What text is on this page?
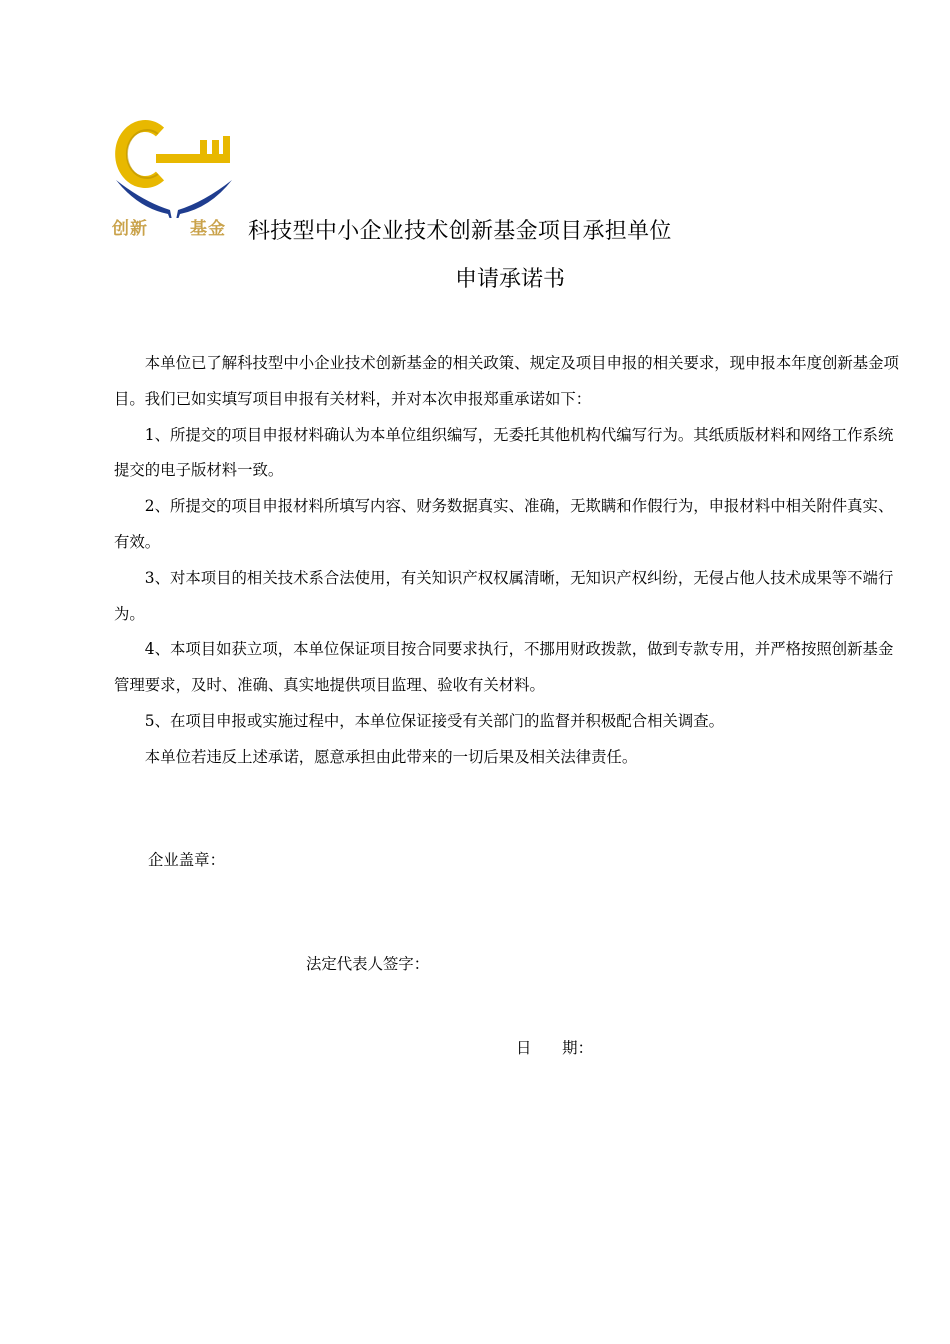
创新 基金 科技型中小企业技术创新基金项目承担单位
申请承诺书

本单位已了解科技型中小企业技术创新基金的相关政策、规定及项目申报的相关要求，现申报本年度创新基金项目。我们已如实填写项目申报有关材料，并对本次申报郑重承诺如下：

1、所提交的项目申报材料确认为本单位组织编写，无委托其他机构代编写行为。其纸质版材料和网络工作系统提交的电子版材料一致。

2、所提交的项目申报材料所填写内容、财务数据真实、准确，无欺瞒和作假行为，申报材料中相关附件真实、有效。

3、对本项目的相关技术系合法使用，有关知识产权权属清晰，无知识产权纠纷，无侵占他人技术成果等不端行为。

4、本项目如获立项，本单位保证项目按合同要求执行，不挪用财政拨款，做到专款专用，并严格按照创新基金管理要求，及时、准确、真实地提供项目监理、验收有关材料。

5、在项目申报或实施过程中，本单位保证接受有关部门的监督并积极配合相关调查。

本单位若违反上述承诺，愿意承担由此带来的一切后果及相关法律责任。

企业盖章：
法定代表人签字：
日　　期：
